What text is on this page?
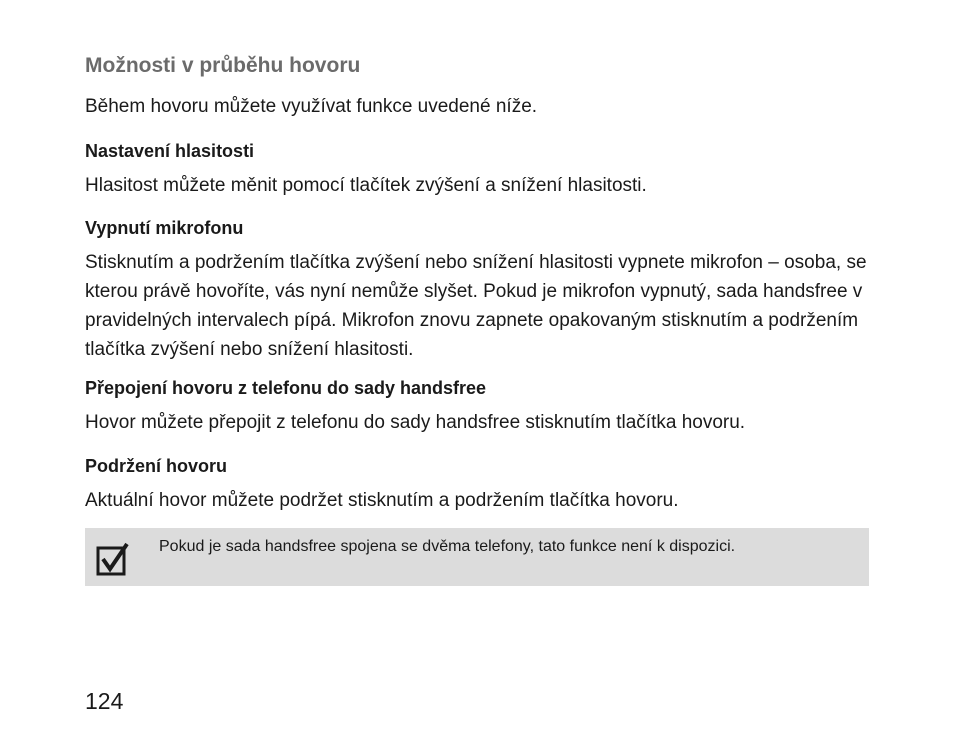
Možnosti v průběhu hovoru
Během hovoru můžete využívat funkce uvedené níže.
Nastavení hlasitosti

Hlasitost můžete měnit pomocí tlačítek zvýšení a snížení hlasitosti.

Vypnutí mikrofonu

Stisknutím a podržením tlačítka zvýšení nebo snížení hlasitosti vypnete mikrofon – osoba, se kterou právě hovoříte, vás nyní nemůže slyšet. Pokud je mikrofon vypnutý, sada handsfree v pravidelných intervalech pípá. Mikrofon znovu zapnete opakovaným stisknutím a podržením tlačítka zvýšení nebo snížení hlasitosti.

Přepojení hovoru z telefonu do sady handsfree

Hovor můžete přepojit z telefonu do sady handsfree stisknutím tlačítka hovoru.

Podržení hovoru

Aktuální hovor můžete podržet stisknutím a podržením tlačítka hovoru.

Pokud je sada handsfree spojena se dvěma telefony, tato funkce není k dispozici.
124
